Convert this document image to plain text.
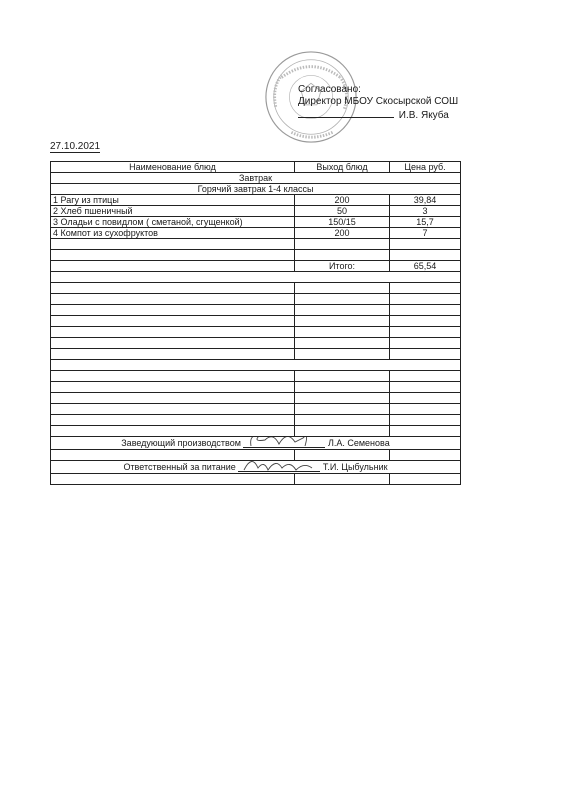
Согласовано:
Директор МБОУ Скосырской СОШ
И.В. Якуба
27.10.2021
Наименование блюд	Выход блюд	Цена руб.
Завтрак		
Горячий завтрак 1-4 классы		
1 Рагу из птицы	200	39,84
2 Хлеб пшеничный	50	3
3 Оладьи с повидлом ( сметаной, сгущенкой)	150/15	15,7
4 Компот из сухофруктов	200	7

	Итого:	65,54

Заведующий производством Л.А. Семенова		

Ответственный за питание Т.И. Цыбульник		
